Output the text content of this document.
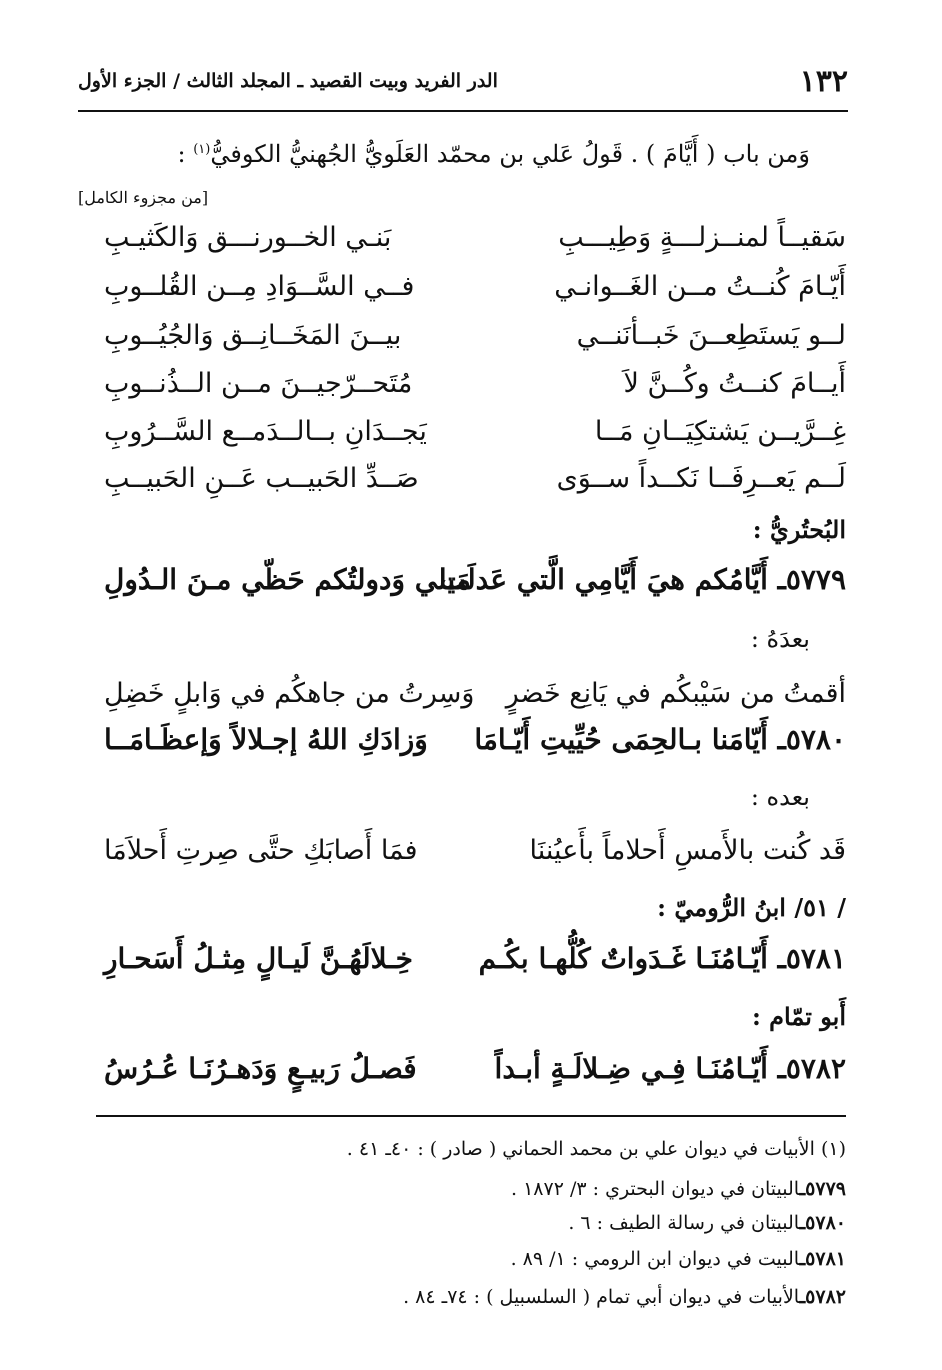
١٣٢
الدر الفريد وبيت القصيد ـ المجلد الثالث / الجزء الأول
وَمن باب ( أَيَّامَ ) . قَولُ عَلي بن محمّد العَلَويُّ الجُهنيُّ الكوفيُّ$^{(١)}$ :
[من مجزوء الكامل]
سَقيــاً لمنــزلـــةٍ وَطِيـــبِ
بَنـي الخــورنـــق وَالكَثيـبِ
أَيّـامَ كُنــتُ مــن الغَــوانـي
فــي السَّــوَادِ مِــن القُلــوبِ
لــو يَستَطِعــنَ خَبــأنَنــي
بيــنَ المَخَــانِــق وَالجُيُــوبِ
أَيــامَ كنــتُ وكُــنَّ لاَ
مُتَحــرّجيــنَ مــن الــذُنــوبِ
غِــرَّيــن يَشتكِيَــانِ مَــا
يَجــدَانِ بــالــدَمــع السَّــرُوبِ
لَــم يَعــرِفَــا نَكــداً ســوَى
صَــدِّ الحَبيــب عَــنِ الحَبيــبِ
البُحتُريُّ :
٥٧٧٩ـ أَيَّامُكم هيَ أَيَّامِي الَّتي عَدلَت
مَيلي وَدولتُكم حَظّي مـنَ الـدُولِ
بعدَهُ :
أقمتُ من سَيْبكُم في يَانِع خَضرٍ
وَسِرتُ من جاهكُم في وَابلٍ خَضِلِ
٥٧٨٠ـ أَيّامَنا بـالحِمَى حُيِّيتِ أَيّـامَا
وَزادَكِ اللهُ إجـلالاً وَإعظَـامَــا
بعده :
قَد كُنت بالأَمسِ أَحلاماً بأَعيُننَا
فمَا أَصابَكِ حتَّى صِرتِ أَحلاَمَا
/ ٥١/ ابنُ الرُّوميّ :
٥٧٨١ـ أَيّـامُنَـا غَـدَواتٌ كُلُّهـا بكُـم
خِـلالَهُـنَّ لَيـالٍ مِثـلُ أَسَحـارِ
أَبو تمّام :
٥٧٨٢ـ أَيّـامُنَـا فِـي ضِـلالَـةٍ أبـداً
فَصـلُ رَبيـعٍ وَدَهـرُنَـا عُـرُسُ
(١) الأبيات في ديوان علي بن محمد الحماني ( صادر ) : ٤٠ـ ٤١ .
٥٧٧٩ـالبيتان في ديوان البحتري : ٣/ ١٨٧٢ .
٥٧٨٠ـالبيتان في رسالة الطيف : ٦ .
٥٧٨١ـالبيت في ديوان ابن الرومي : ١/ ٨٩ .
٥٧٨٢ـالأبيات في ديوان أبي تمام ( السلسبيل ) : ٧٤ـ ٨٤ .
